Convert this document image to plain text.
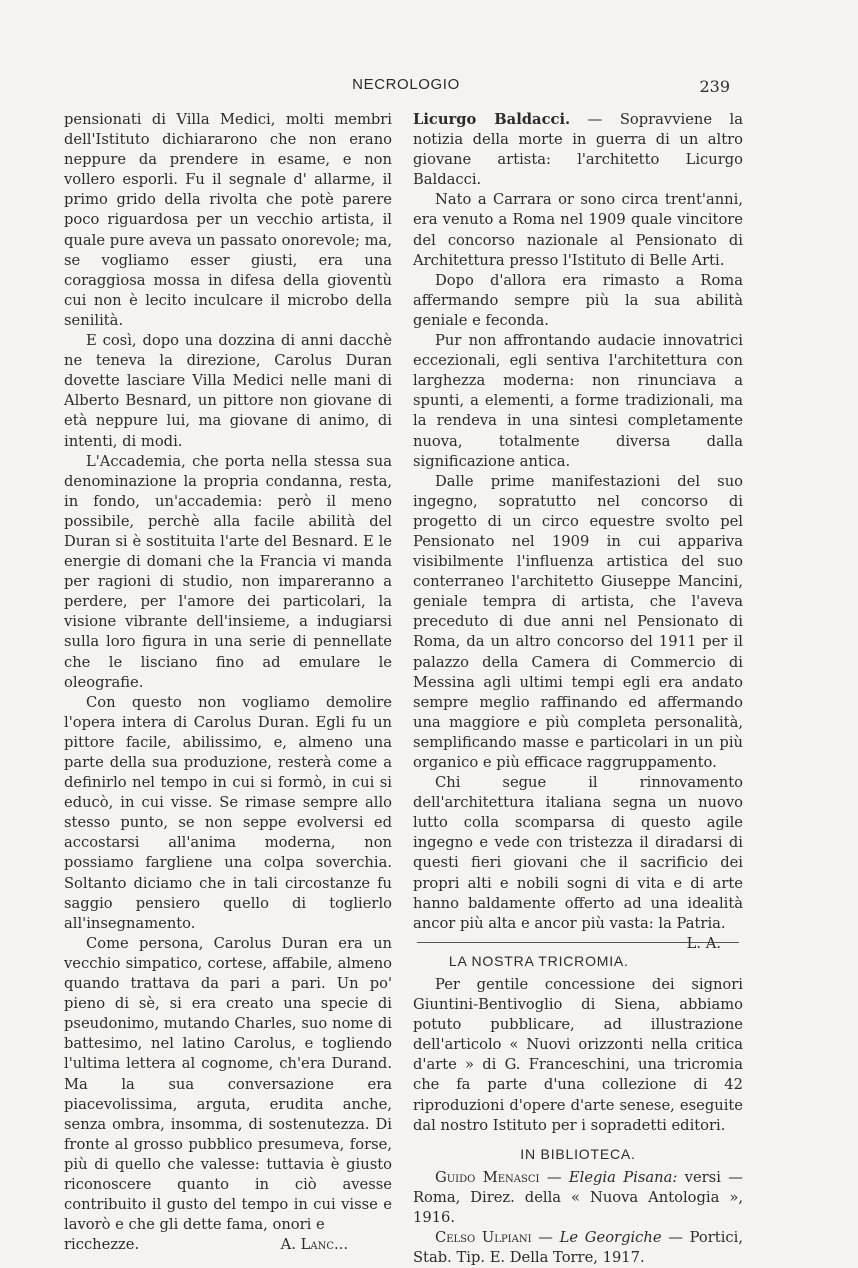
NECROLOGIO	239

pensionati di Villa Medici, molti membri dell'Istituto dichiararono che non erano neppure da prendere in esame, e non vollero esporli. Fu il segnale d' allarme, il primo grido della rivolta che potè parere poco riguardosa per un vecchio artista, il quale pure aveva un passato onorevole; ma, se vogliamo esser giusti, era una coraggiosa mossa in difesa della gioventù cui non è lecito inculcare il microbo della senilità.

E così, dopo una dozzina di anni dacchè ne teneva la direzione, Carolus Duran dovette lasciare Villa Medici nelle mani di Alberto Besnard, un pittore non giovane di età neppure lui, ma giovane di animo, di intenti, di modi.

L'Accademia, che porta nella stessa sua denominazione la propria condanna, resta, in fondo, un'accademia: però il meno possibile, perchè alla facile abilità del Duran si è sostituita l'arte del Besnard. E le energie di domani che la Francia vi manda per ragioni di studio, non impareranno a perdere, per l'amore dei particolari, la visione vibrante dell'insieme, a indugiarsi sulla loro figura in una serie di pennellate che le lisciano fino ad emulare le oleografie.

Con questo non vogliamo demolire l'opera intera di Carolus Duran. Egli fu un pittore facile, abilissimo, e, almeno una parte della sua produzione, resterà come a definirlo nel tempo in cui si formò, in cui si educò, in cui visse. Se rimase sempre allo stesso punto, se non seppe evolversi ed accostarsi all'anima moderna, non possiamo fargliene una colpa soverchia. Soltanto diciamo che in tali circostanze fu saggio pensiero quello di toglierlo all'insegnamento.

Come persona, Carolus Duran era un vecchio simpatico, cortese, affabile, almeno quando trattava da pari a pari. Un po' pieno di sè, si era creato una specie di pseudonimo, mutando Charles, suo nome di battesimo, nel latino Carolus, e togliendo l'ultima lettera al cognome, ch'era Durand. Ma la sua conversazione era piacevolissima, arguta, erudita anche, senza ombra, insomma, di sostenutezza. Di fronte al grosso pubblico presumeva, forse, più di quello che valesse: tuttavia è giusto riconoscere quanto in ciò avesse contribuito il gusto del tempo in cui visse e lavorò e che gli dette fama, onori e

ricchezze.	A. Lanc...

Licurgo Baldacci. — Sopravviene la notizia della morte in guerra di un altro giovane artista: l'architetto Licurgo Baldacci.

Nato a Carrara or sono circa trent'anni, era venuto a Roma nel 1909 quale vincitore del concorso nazionale al Pensionato di Architettura presso l'Istituto di Belle Arti.

Dopo d'allora era rimasto a Roma affermando sempre più la sua abilità geniale e feconda.

Pur non affrontando audacie innovatrici eccezionali, egli sentiva l'architettura con larghezza moderna: non rinunciava a spunti, a elementi, a forme tradizionali, ma la rendeva in una sintesi completamente nuova, totalmente diversa dalla significazione antica.

Dalle prime manifestazioni del suo ingegno, sopratutto nel concorso di progetto di un circo equestre svolto pel Pensionato nel 1909 in cui appariva visibilmente l'influenza artistica del suo conterraneo l'architetto Giuseppe Mancini, geniale tempra di artista, che l'aveva preceduto di due anni nel Pensionato di Roma, da un altro concorso del 1911 per il palazzo della Camera di Commercio di Messina agli ultimi tempi egli era andato sempre meglio raffinando ed affermando una maggiore e più completa personalità, semplificando masse e particolari in un più organico e più efficace raggruppamento.

Chi segue il rinnovamento dell'architettura italiana segna un nuovo lutto colla scomparsa di questo agile ingegno e vede con tristezza il diradarsi di questi fieri giovani che il sacrificio dei propri alti e nobili sogni di vita e di arte hanno baldamente offerto ad una idealità ancor più alta e ancor più vasta: la Patria.
L. A.

LA NOSTRA TRICROMIA.

Per gentile concessione dei signori Giuntini-Bentivoglio di Siena, abbiamo potuto pubblicare, ad illustrazione dell'articolo « Nuovi orizzonti nella critica d'arte » di G. Franceschini, una tricromia che fa parte d'una collezione di 42 riproduzioni d'opere d'arte senese, eseguite dal nostro Istituto per i sopradetti editori.

IN BIBLIOTECA.

Guido Menasci — Elegia Pisana: versi — Roma, Direz. della « Nuova Antologia », 1916.

Celso Ulpiani — Le Georgiche — Portici, Stab. Tip. E. Della Torre, 1917.
